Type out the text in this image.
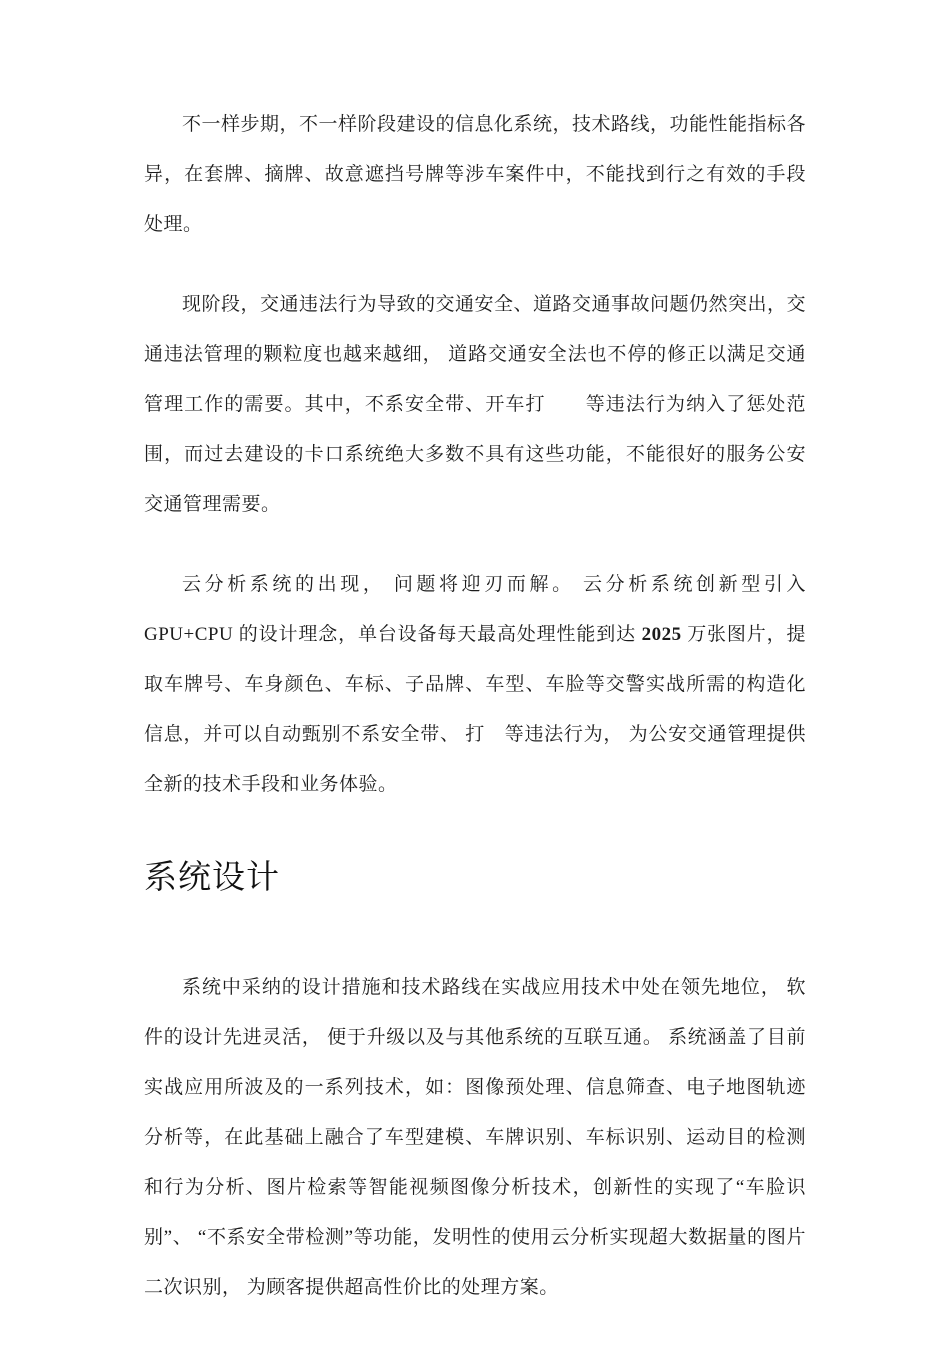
不一样步期，不一样阶段建设的信息化系统，技术路线，功能性能指标各异，在套牌、摘牌、故意遮挡号牌等涉车案件中，不能找到行之有效的手段处理。

现阶段，交通违法行为导致的交通安全、道路交通事故问题仍然突出，交通违法管理的颗粒度也越来越细， 道路交通安全法也不停的修正以满足交通管理工作的需要。其中，不系安全带、开车打　　等违法行为纳入了惩处范围，而过去建设的卡口系统绝大多数不具有这些功能，不能很好的服务公安交通管理需要。

云分析系统的出现， 问题将迎刃而解。 云分析系统创新型引入 GPU+CPU 的设计理念，单台设备每天最高处理性能到达 2025 万张图片，提取车牌号、车身颜色、车标、子品牌、车型、车脸等交警实战所需的构造化信息，并可以自动甄别不系安全带、 打　等违法行为， 为公安交通管理提供全新的技术手段和业务体验。

系统设计

系统中采纳的设计措施和技术路线在实战应用技术中处在领先地位， 软件的设计先进灵活， 便于升级以及与其他系统的互联互通。 系统涵盖了目前实战应用所波及的一系列技术，如：图像预处理、信息筛查、电子地图轨迹分析等，在此基础上融合了车型建模、车牌识别、车标识别、运动目的检测和行为分析、图片检索等智能视频图像分析技术，创新性的实现了“车脸识别”、 “不系安全带检测”等功能，发明性的使用云分析实现超大数据量的图片二次识别， 为顾客提供超高性价比的处理方案。
